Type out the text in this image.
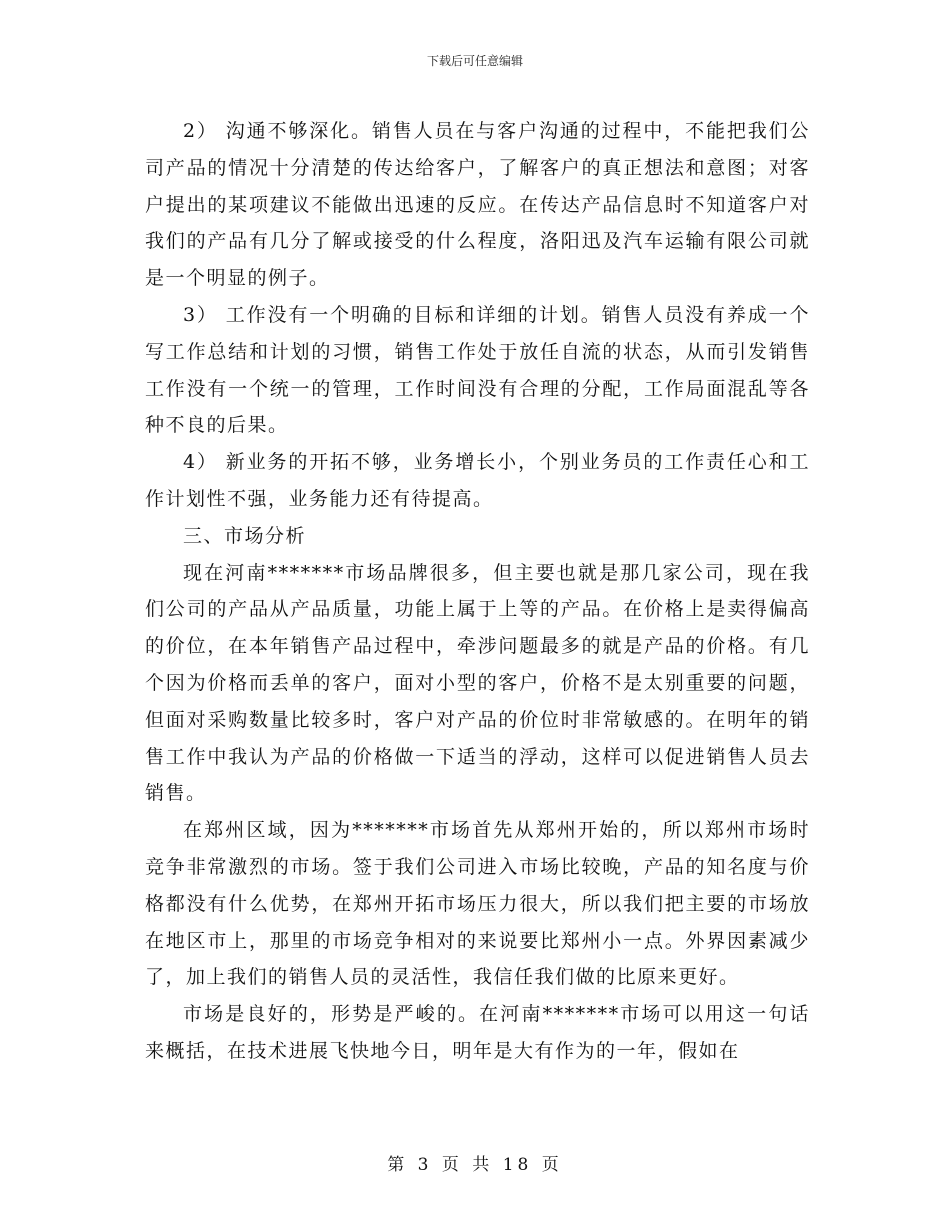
下载后可任意编辑

2） 沟通不够深化。销售人员在与客户沟通的过程中，不能把我们公司产品的情况十分清楚的传达给客户，了解客户的真正想法和意图；对客户提出的某项建议不能做出迅速的反应。在传达产品信息时不知道客户对我们的产品有几分了解或接受的什么程度，洛阳迅及汽车运输有限公司就是一个明显的例子。

3） 工作没有一个明确的目标和详细的计划。销售人员没有养成一个写工作总结和计划的习惯，销售工作处于放任自流的状态，从而引发销售工作没有一个统一的管理，工作时间没有合理的分配，工作局面混乱等各种不良的后果。

4） 新业务的开拓不够，业务增长小，个别业务员的工作责任心和工作计划性不强，业务能力还有待提高。

三、市场分析

现在河南*******市场品牌很多，但主要也就是那几家公司，现在我们公司的产品从产品质量，功能上属于上等的产品。在价格上是卖得偏高的价位，在本年销售产品过程中，牵涉问题最多的就是产品的价格。有几个因为价格而丢单的客户，面对小型的客户，价格不是太别重要的问题，但面对采购数量比较多时，客户对产品的价位时非常敏感的。在明年的销售工作中我认为产品的价格做一下适当的浮动，这样可以促进销售人员去销售。

在郑州区域，因为*******市场首先从郑州开始的，所以郑州市场时竞争非常激烈的市场。签于我们公司进入市场比较晚，产品的知名度与价格都没有什么优势，在郑州开拓市场压力很大，所以我们把主要的市场放在地区市上，那里的市场竞争相对的来说要比郑州小一点。外界因素减少了，加上我们的销售人员的灵活性，我信任我们做的比原来更好。

市场是良好的，形势是严峻的。在河南*******市场可以用这一句话来概括，在技术进展飞快地今日，明年是大有作为的一年，假如在

第 3 页 共 18 页
